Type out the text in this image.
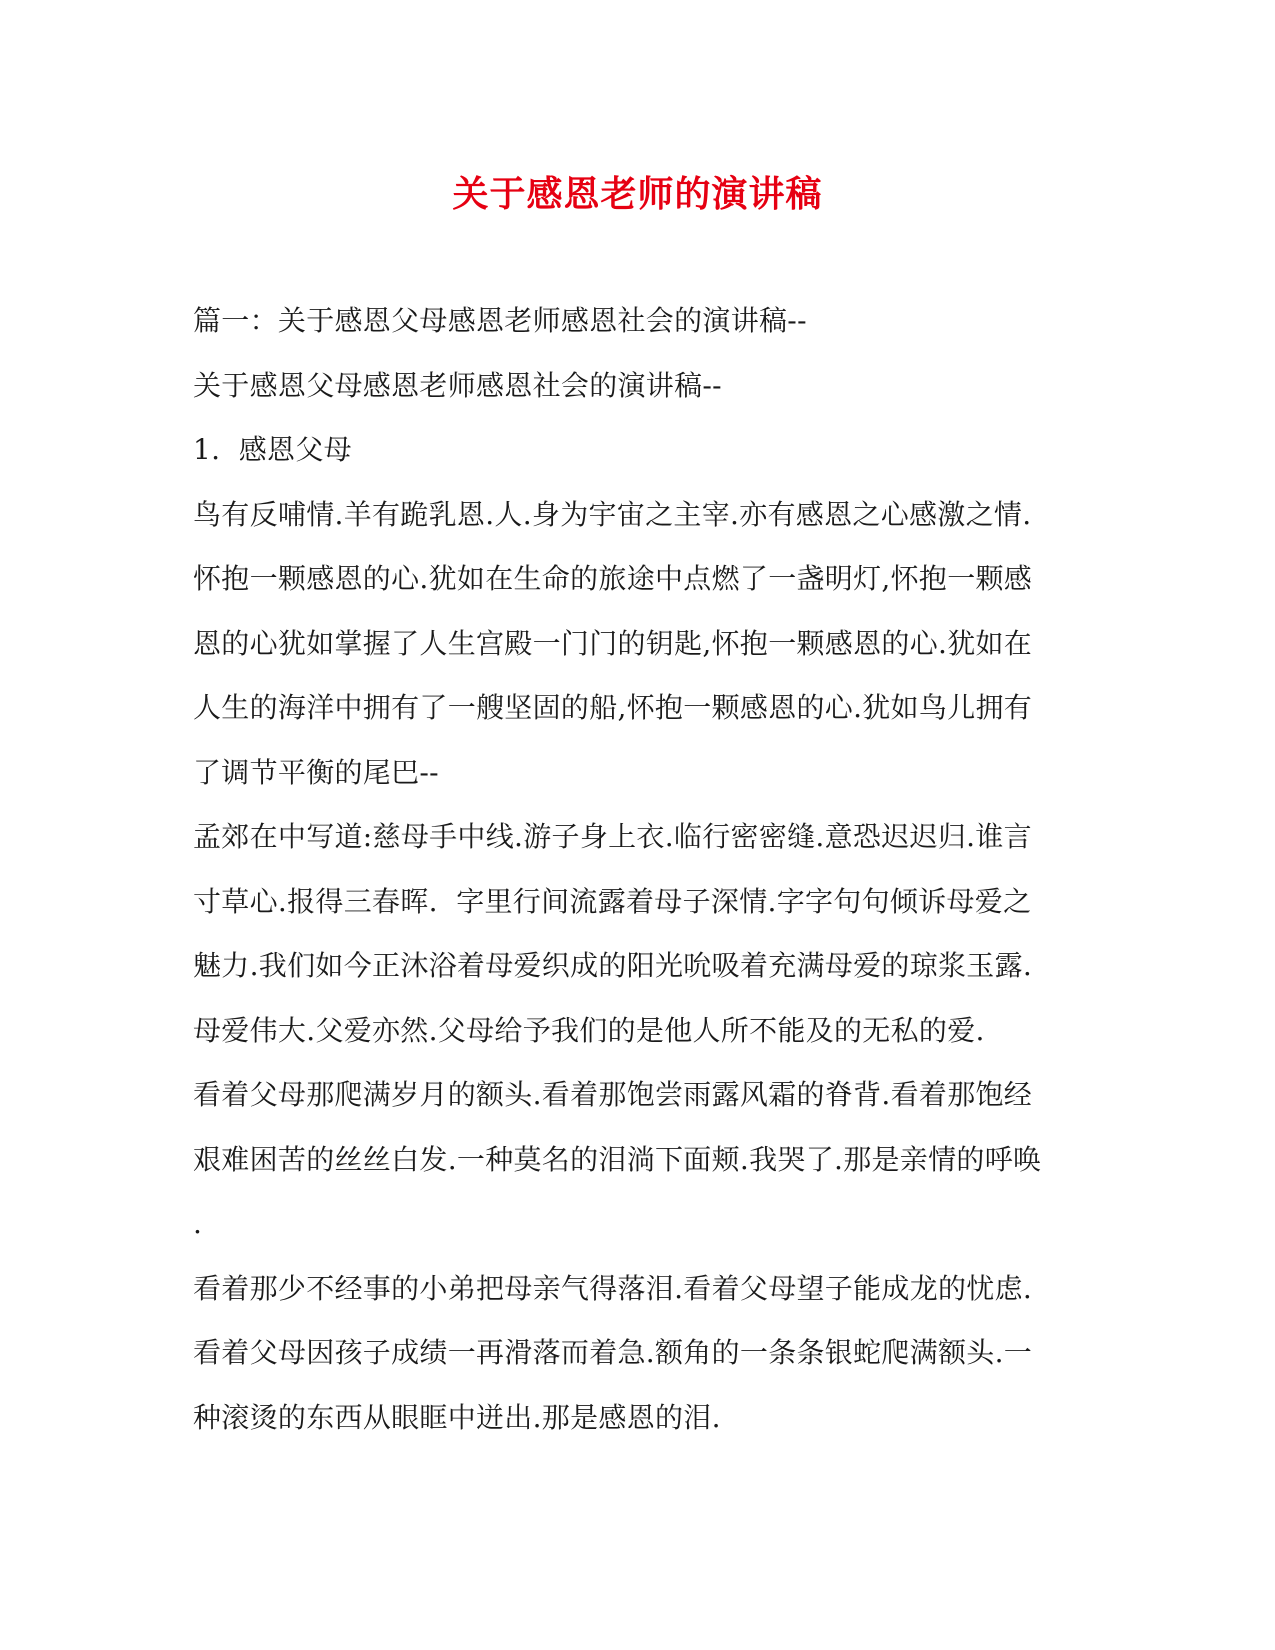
关于感恩老师的演讲稿
篇一：关于感恩父母感恩老师感恩社会的演讲稿--
关于感恩父母感恩老师感恩社会的演讲稿--
1.  感恩父母
鸟有反哺情.羊有跪乳恩.人.身为宇宙之主宰.亦有感恩之心感激之情.
怀抱一颗感恩的心.犹如在生命的旅途中点燃了一盏明灯,怀抱一颗感
恩的心犹如掌握了人生宫殿一门门的钥匙,怀抱一颗感恩的心.犹如在
人生的海洋中拥有了一艘坚固的船,怀抱一颗感恩的心.犹如鸟儿拥有
了调节平衡的尾巴--
孟郊在中写道:慈母手中线.游子身上衣.临行密密缝.意恐迟迟归.谁言
寸草心.报得三春晖.  字里行间流露着母子深情.字字句句倾诉母爱之
魅力.我们如今正沐浴着母爱织成的阳光吮吸着充满母爱的琼浆玉露.
母爱伟大.父爱亦然.父母给予我们的是他人所不能及的无私的爱.
看着父母那爬满岁月的额头.看着那饱尝雨露风霜的脊背.看着那饱经
艰难困苦的丝丝白发.一种莫名的泪淌下面颊.我哭了.那是亲情的呼唤
.
看着那少不经事的小弟把母亲气得落泪.看着父母望子能成龙的忧虑.
看着父母因孩子成绩一再滑落而着急.额角的一条条银蛇爬满额头.一
种滚烫的东西从眼眶中迸出.那是感恩的泪.
